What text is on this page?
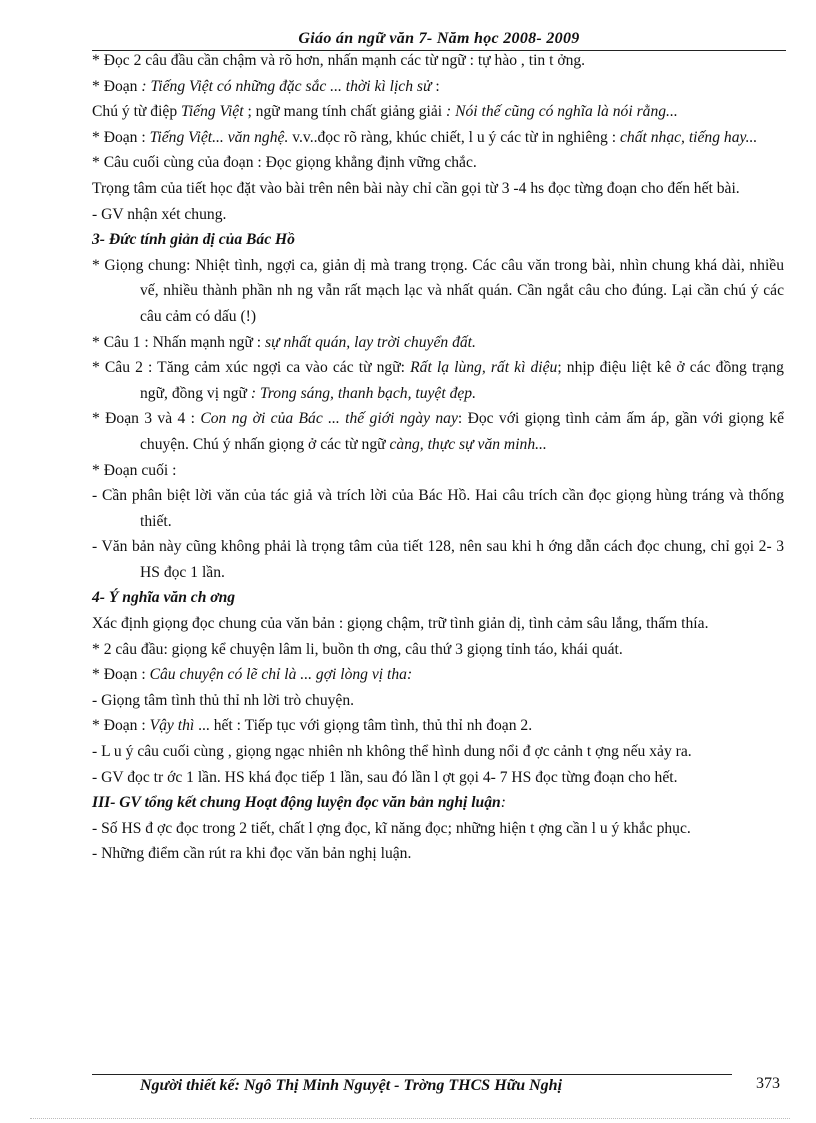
Giáo án ngữ văn 7- Năm học 2008- 2009

* Đọc 2 câu đầu cần chậm và rõ hơn, nhấn mạnh các từ ngữ : tự hào , tin t ởng.

* Đoạn : Tiếng Việt có những đặc sắc ... thời kì lịch sử :

Chú ý từ điệp Tiếng Việt ; ngữ mang tính chất giảng giải : Nói thế cũng có nghĩa là nói rằng...

* Đoạn : Tiếng Việt... văn nghệ. v.v..đọc rõ ràng, khúc chiết, l u ý các từ in nghiêng : chất nhạc, tiếng hay...

* Câu cuối cùng của đoạn : Đọc giọng khẳng định vững chắc.

Trọng tâm của tiết học đặt vào bài trên nên bài này chỉ cần gọi từ 3 -4 hs đọc từng đoạn cho đến hết bài.

- GV nhận xét chung.

3- Đức tính giản dị của Bác Hồ

* Giọng chung: Nhiệt tình, ngợi ca, giản dị mà trang trọng. Các câu văn trong bài, nhìn chung khá dài, nhiều vế, nhiều thành phần nh ng vẫn rất mạch lạc và nhất quán. Cần ngắt câu cho đúng. Lại cần chú ý các câu cảm có dấu (!)

* Câu 1 : Nhấn mạnh ngữ : sự nhất quán, lay trời chuyển đất.

* Câu 2 : Tăng cảm xúc ngợi ca vào các từ ngữ: Rất lạ lùng, rất kì diệu; nhịp điệu liệt kê ở các đồng trạng ngữ, đồng vị ngữ : Trong sáng, thanh bạch, tuyệt đẹp.

* Đoạn 3 và 4 : Con ng ời của Bác ... thế giới ngày nay: Đọc với giọng tình cảm ấm áp, gần với giọng kể chuyện. Chú ý nhấn giọng ở các từ ngữ càng, thực sự văn minh...

* Đoạn cuối :

- Cần phân biệt lời văn của tác giả và trích lời của Bác Hồ. Hai câu trích cần đọc giọng hùng tráng và thống thiết.

- Văn bản này cũng không phải là trọng tâm của tiết 128, nên sau khi h ớng dẫn cách đọc chung, chỉ gọi 2- 3 HS đọc 1 lần.

4- Ý nghĩa văn ch ơng

Xác định giọng đọc chung của văn bản : giọng chậm, trữ tình giản dị, tình cảm sâu lắng, thấm thía.

* 2 câu đầu: giọng kể chuyện lâm li, buồn th ơng, câu thứ 3 giọng tỉnh táo, khái quát.

* Đoạn : Câu chuyện có lẽ chỉ là ... gợi lòng vị tha:

- Giọng tâm tình thủ thỉ nh lời trò chuyện.

* Đoạn : Vậy thì ... hết : Tiếp tục với giọng tâm tình, thủ thỉ nh đoạn 2.

- L u ý câu cuối cùng , giọng ngạc nhiên nh không thể hình dung nổi đ ợc cảnh t ợng nếu xảy ra.

- GV đọc tr ớc 1 lần. HS khá đọc tiếp 1 lần, sau đó lần l ợt gọi 4- 7 HS đọc từng đoạn cho hết.

III- GV tổng kết chung Hoạt động luyện đọc văn bản nghị luận:

- Số HS đ ợc đọc trong 2 tiết, chất l ợng đọc, kĩ năng đọc; những hiện t ợng cần l u ý khắc phục.

- Những điểm cần rút ra khi đọc văn bản nghị luận.

Người thiết kế: Ngô Thị Minh Nguyệt - Trờng THCS Hữu Nghị	373
